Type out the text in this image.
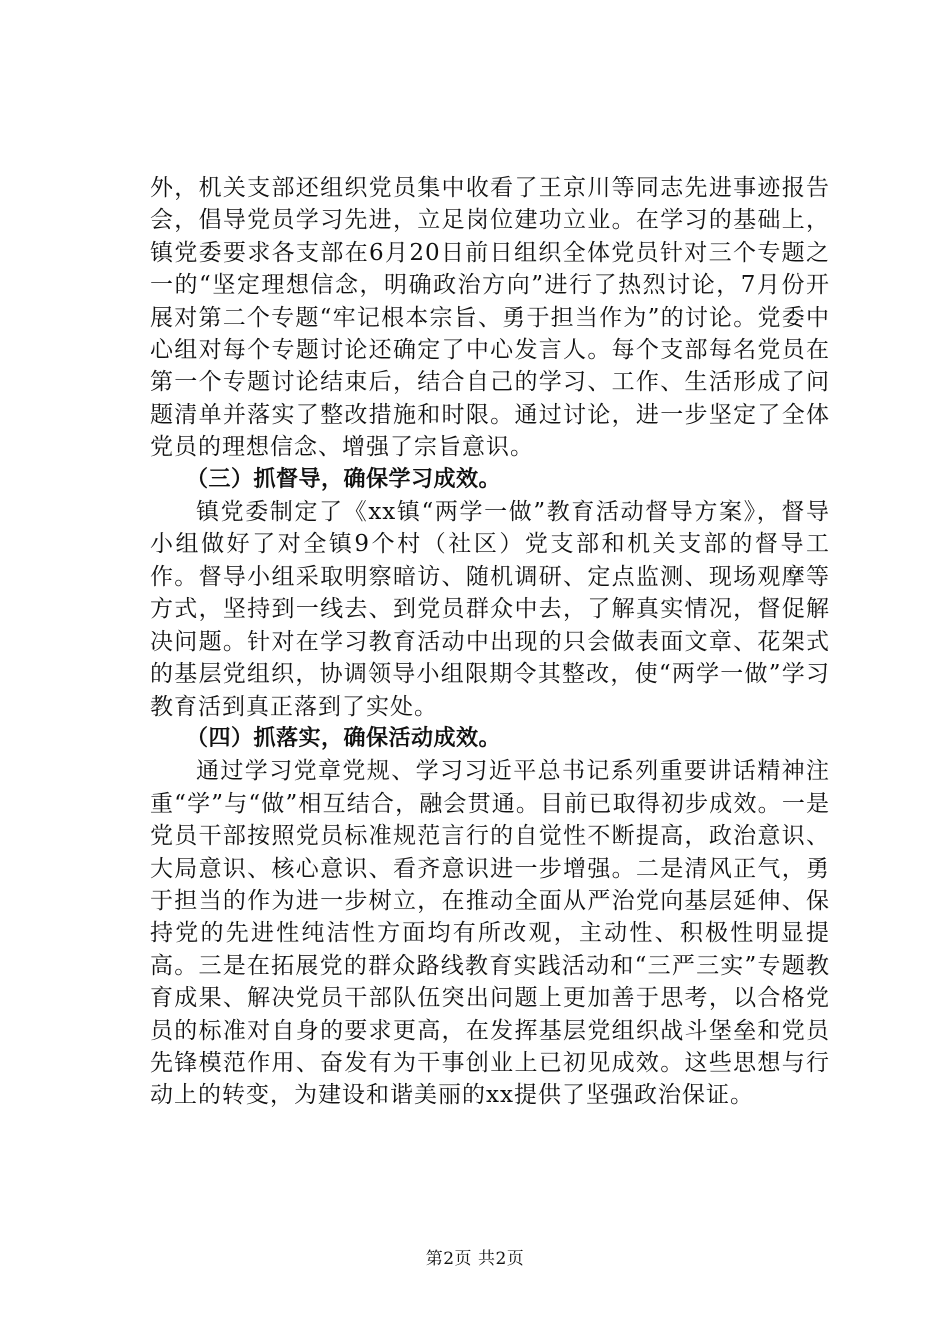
外，机关支部还组织党员集中收看了王京川等同志先进事迹报告会，倡导党员学习先进，立足岗位建功立业。在学习的基础上，镇党委要求各支部在6月20日前日组织全体党员针对三个专题之一的“坚定理想信念，明确政治方向”进行了热烈讨论，7月份开展对第二个专题“牢记根本宗旨、勇于担当作为”的讨论。党委中心组对每个专题讨论还确定了中心发言人。每个支部每名党员在第一个专题讨论结束后，结合自己的学习、工作、生活形成了问题清单并落实了整改措施和时限。通过讨论，进一步坚定了全体党员的理想信念、增强了宗旨意识。

（三）抓督导，确保学习成效。

镇党委制定了《xx镇“两学一做”教育活动督导方案》，督导小组做好了对全镇9个村（社区）党支部和机关支部的督导工作。督导小组采取明察暗访、随机调研、定点监测、现场观摩等方式，坚持到一线去、到党员群众中去，了解真实情况，督促解决问题。针对在学习教育活动中出现的只会做表面文章、花架式的基层党组织，协调领导小组限期令其整改，使“两学一做”学习教育活到真正落到了实处。

（四）抓落实，确保活动成效。

通过学习党章党规、学习习近平总书记系列重要讲话精神注重“学”与“做”相互结合，融会贯通。目前已取得初步成效。一是党员干部按照党员标准规范言行的自觉性不断提高，政治意识、大局意识、核心意识、看齐意识进一步增强。二是清风正气，勇于担当的作为进一步树立，在推动全面从严治党向基层延伸、保持党的先进性纯洁性方面均有所改观，主动性、积极性明显提高。三是在拓展党的群众路线教育实践活动和“三严三实”专题教育成果、解决党员干部队伍突出问题上更加善于思考，以合格党员的标准对自身的要求更高，在发挥基层党组织战斗堡垒和党员先锋模范作用、奋发有为干事创业上已初见成效。这些思想与行动上的转变，为建设和谐美丽的xx提供了坚强政治保证。

第2页 共2页
